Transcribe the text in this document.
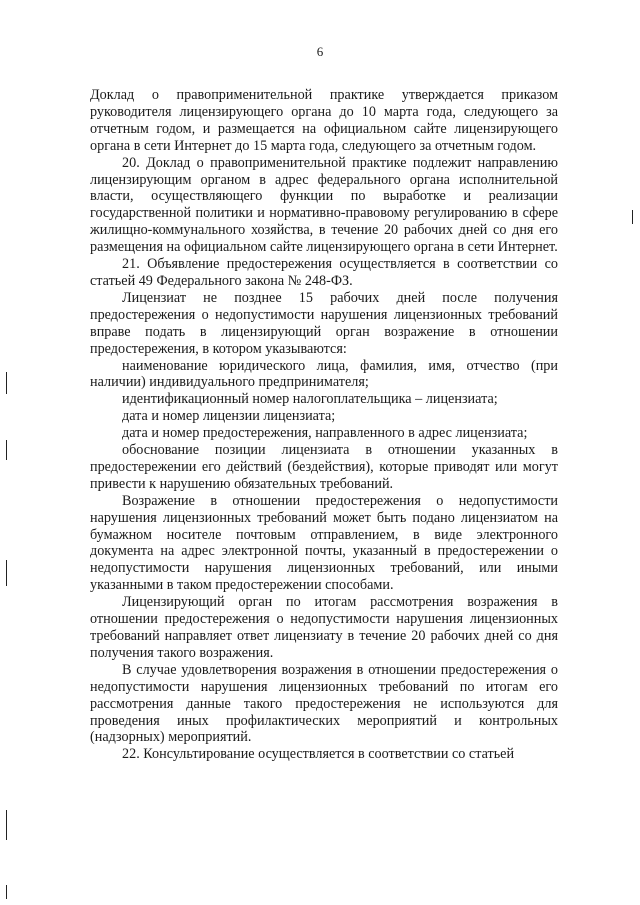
6

Доклад о правоприменительной практике утверждается приказом руководителя лицензирующего органа до 10 марта года, следующего за отчетным годом, и размещается на официальном сайте лицензирующего органа в сети Интернет до 15 марта года, следующего за отчетным годом.

20. Доклад о правоприменительной практике подлежит направлению лицензирующим органом в адрес федерального органа исполнительной власти, осуществляющего функции по выработке и реализации государственной политики и нормативно-правовому регулированию в сфере жилищно-коммунального хозяйства, в течение 20 рабочих дней со дня его размещения на официальном сайте лицензирующего органа в сети Интернет.

21. Объявление предостережения осуществляется в соответствии со статьей 49 Федерального закона № 248-ФЗ.

Лицензиат не позднее 15 рабочих дней после получения предостережения о недопустимости нарушения лицензионных требований вправе подать в лицензирующий орган возражение в отношении предостережения, в котором указываются:

наименование юридического лица, фамилия, имя, отчество (при наличии) индивидуального предпринимателя;

идентификационный номер налогоплательщика – лицензиата;

дата и номер лицензии лицензиата;

дата и номер предостережения, направленного в адрес лицензиата;

обоснование позиции лицензиата в отношении указанных в предостережении его действий (бездействия), которые приводят или могут привести к нарушению обязательных требований.

Возражение в отношении предостережения о недопустимости нарушения лицензионных требований может быть подано лицензиатом на бумажном носителе почтовым отправлением, в виде электронного документа на адрес электронной почты, указанный в предостережении о недопустимости нарушения лицензионных требований, или иными указанными в таком предостережении способами.

Лицензирующий орган по итогам рассмотрения возражения в отношении предостережения о недопустимости нарушения лицензионных требований направляет ответ лицензиату в течение 20 рабочих дней со дня получения такого возражения.

В случае удовлетворения возражения в отношении предостережения о недопустимости нарушения лицензионных требований по итогам его рассмотрения данные такого предостережения не используются для проведения иных профилактических мероприятий и контрольных (надзорных) мероприятий.

22. Консультирование осуществляется в соответствии со статьей
